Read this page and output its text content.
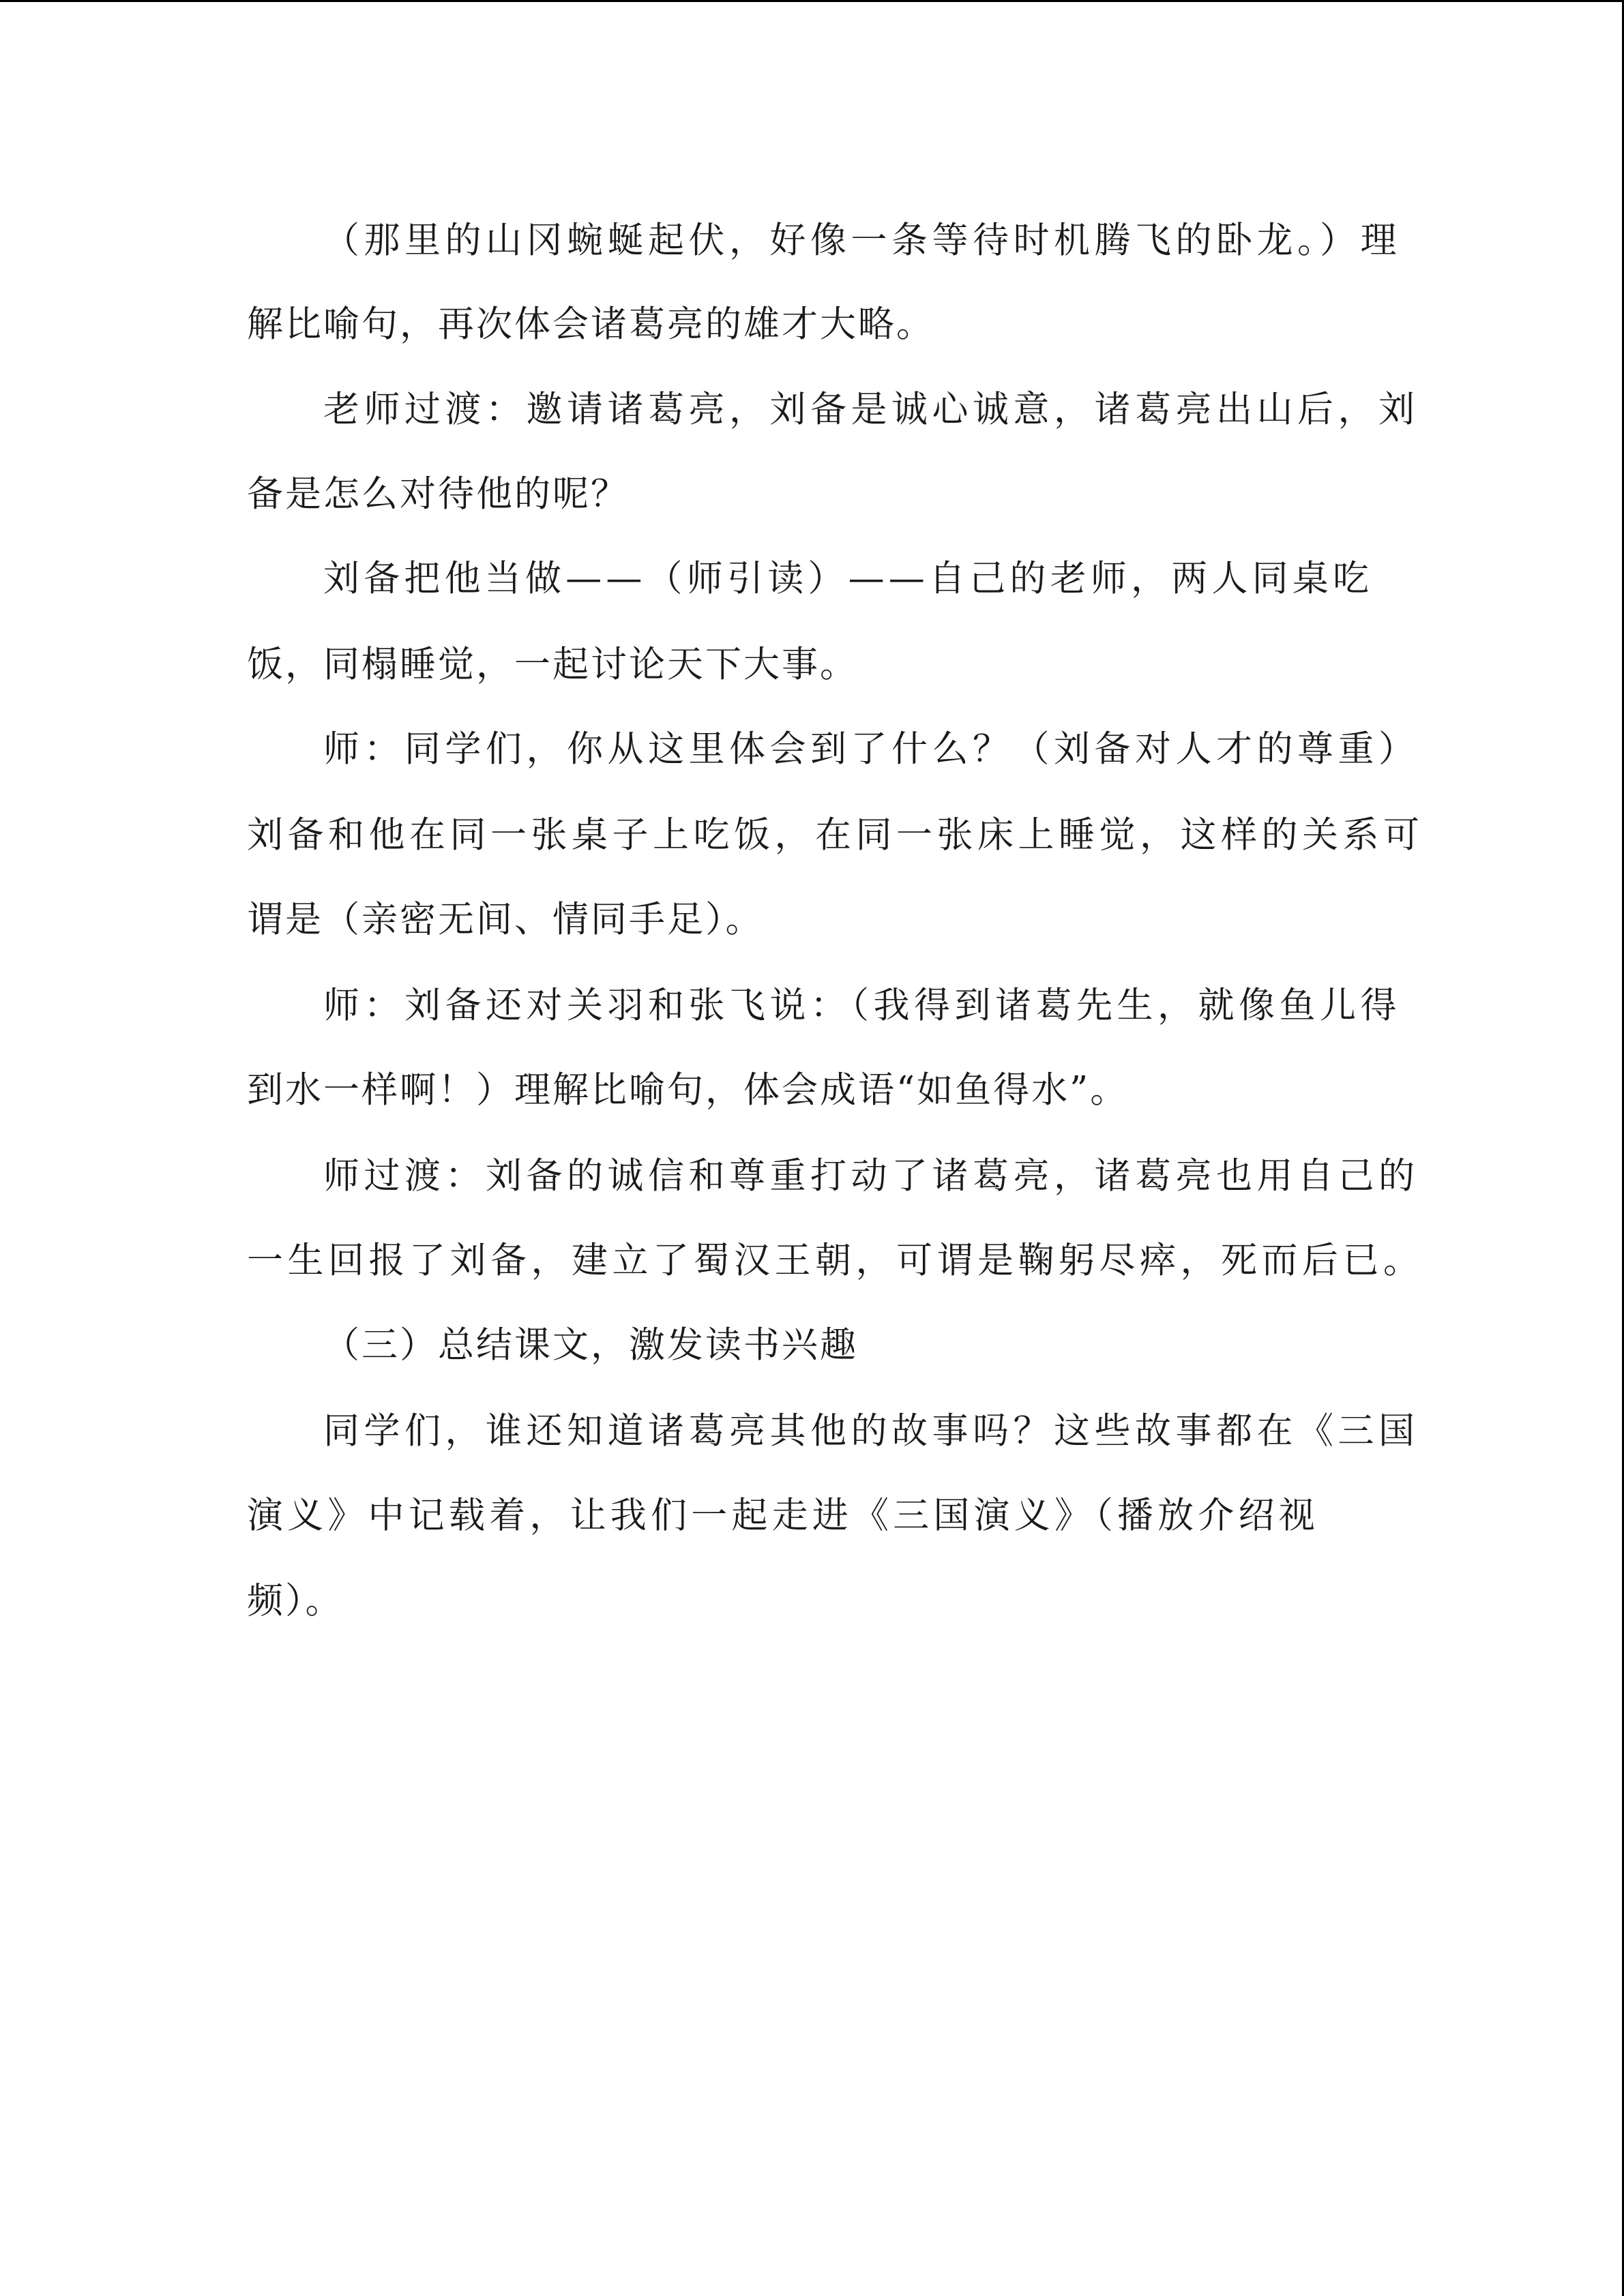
（那里的山冈蜿蜒起伏，好像一条等待时机腾飞的卧龙。）理
解比喻句，再次体会诸葛亮的雄才大略。
老师过渡：邀请诸葛亮，刘备是诚心诚意，诸葛亮出山后，刘
备是怎么对待他的呢？
刘备把他当做——（师引读）——自己的老师，两人同桌吃
饭，同榻睡觉，一起讨论天下大事。
师：同学们，你从这里体会到了什么？（刘备对人才的尊重）
刘备和他在同一张桌子上吃饭，在同一张床上睡觉，这样的关系可
谓是（亲密无间、情同手足）。
师：刘备还对关羽和张飞说：（我得到诸葛先生，就像鱼儿得
到水一样啊！）理解比喻句，体会成语“如鱼得水”。
师过渡：刘备的诚信和尊重打动了诸葛亮，诸葛亮也用自己的
一生回报了刘备，建立了蜀汉王朝，可谓是鞠躬尽瘁，死而后已。
（三）总结课文，激发读书兴趣
同学们，谁还知道诸葛亮其他的故事吗？这些故事都在《三国
演义》中记载着，让我们一起走进《三国演义》（播放介绍视
频）。
